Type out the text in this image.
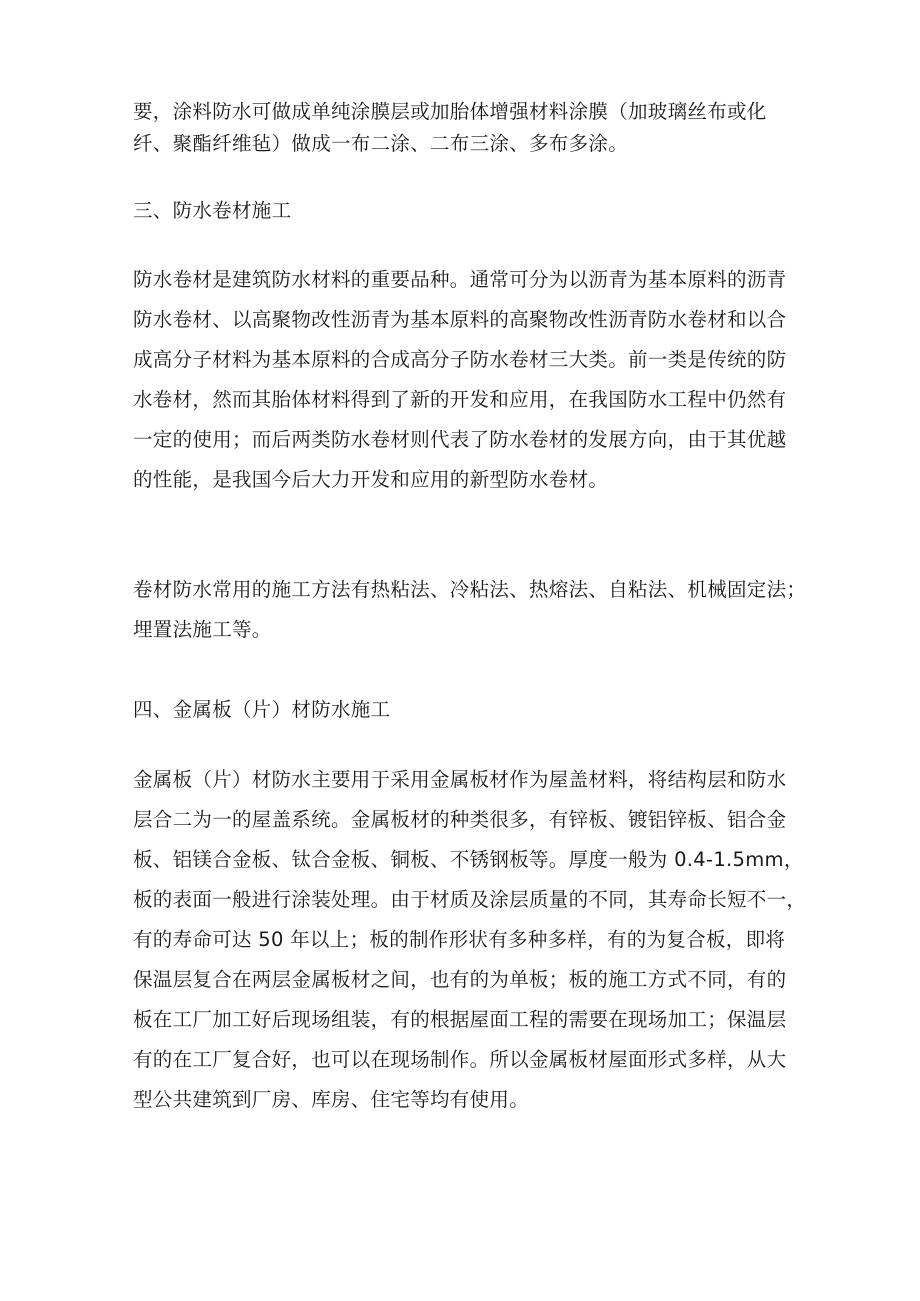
要，涂料防水可做成单纯涂膜层或加胎体增强材料涂膜（加玻璃丝布或化
纤、聚酯纤维毡）做成一布二涂、二布三涂、多布多涂。
三、防水卷材施工
防水卷材是建筑防水材料的重要品种。通常可分为以沥青为基本原料的沥青
防水卷材、以高聚物改性沥青为基本原料的高聚物改性沥青防水卷材和以合
成高分子材料为基本原料的合成高分子防水卷材三大类。前一类是传统的防
水卷材，然而其胎体材料得到了新的开发和应用，在我国防水工程中仍然有
一定的使用；而后两类防水卷材则代表了防水卷材的发展方向，由于其优越
的性能，是我国今后大力开发和应用的新型防水卷材。
卷材防水常用的施工方法有热粘法、冷粘法、热熔法、自粘法、机械固定法；
埋置法施工等。
四、金属板（片）材防水施工
金属板（片）材防水主要用于采用金属板材作为屋盖材料，将结构层和防水
层合二为一的屋盖系统。金属板材的种类很多，有锌板、镀铝锌板、铝合金
板、铝镁合金板、钛合金板、铜板、不锈钢板等。厚度一般为 0.4-1.5mm，
板的表面一般进行涂装处理。由于材质及涂层质量的不同，其寿命长短不一，
有的寿命可达 50 年以上；板的制作形状有多种多样，有的为复合板，即将
保温层复合在两层金属板材之间，也有的为单板；板的施工方式不同，有的
板在工厂加工好后现场组装，有的根据屋面工程的需要在现场加工；保温层
有的在工厂复合好，也可以在现场制作。所以金属板材屋面形式多样，从大
型公共建筑到厂房、库房、住宅等均有使用。
